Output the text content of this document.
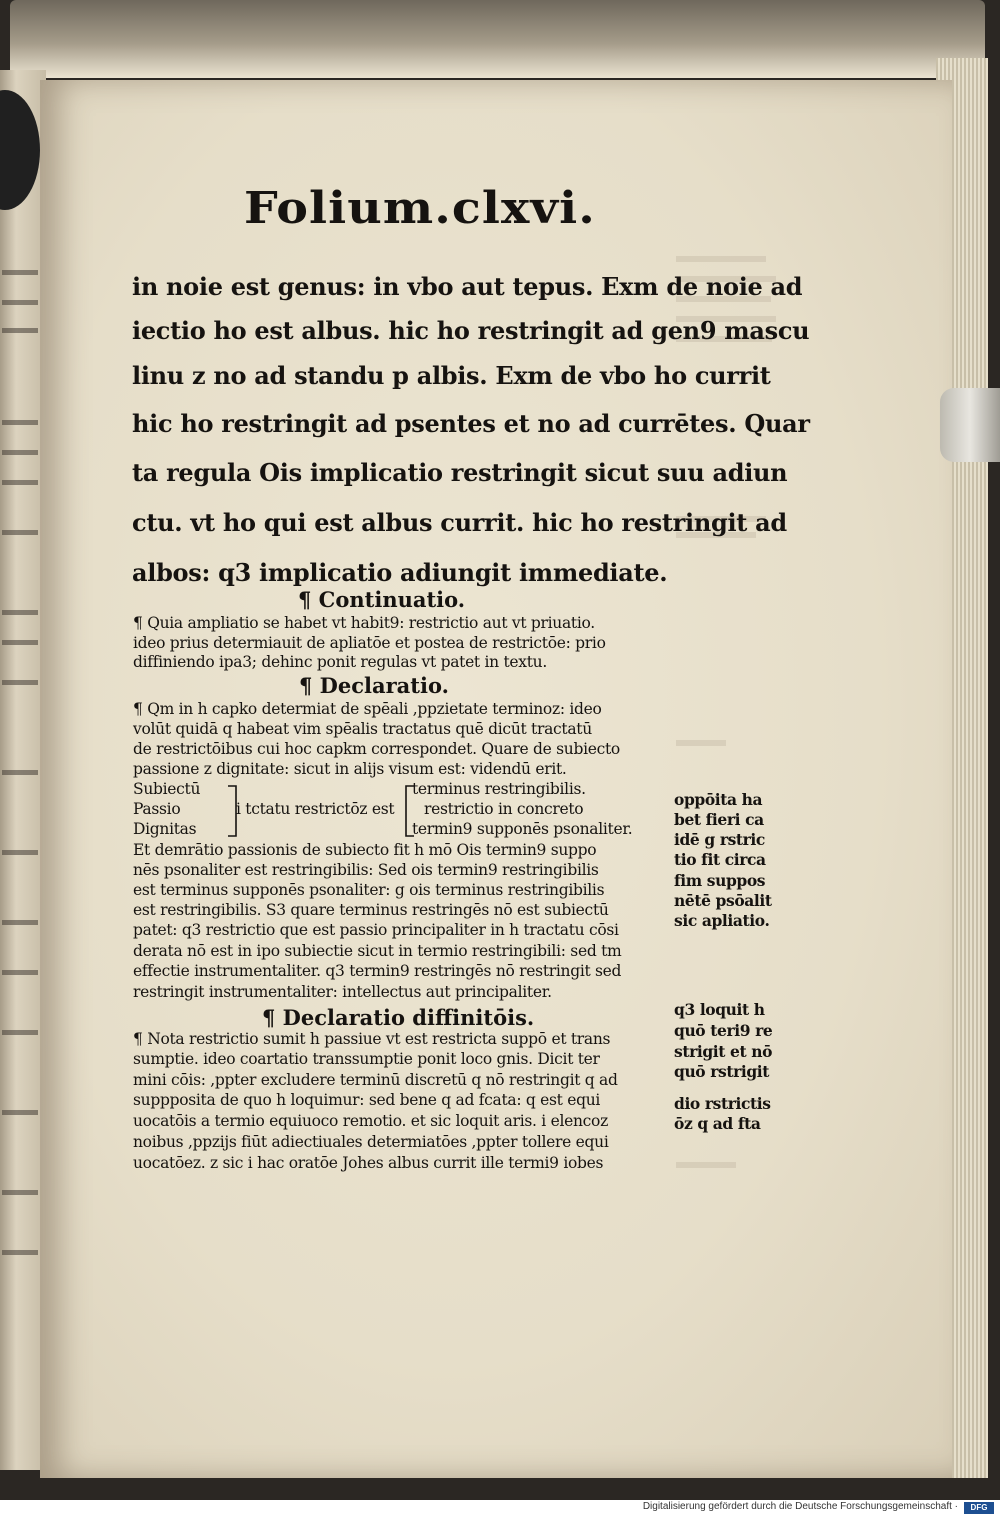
Folium.clxvi.
in noie est genus: in vbo aut tepus. Exm de noie ad
iectio ho est albus. hic ho restringit ad gen9 mascu
linu z no ad standu p albis. Exm de vbo ho currit
hic ho restringit ad psentes et no ad currētes. Quar
ta regula Ois implicatio restringit sicut suu adiun
ctu. vt ho qui est albus currit. hic ho restringit ad
albos: q3 implicatio adiungit immediate.
¶ Continuatio.
¶ Quia ampliatio se habet vt habit9: restrictio aut vt priuatio.
ideo prius determiauit de apliatōe et postea de restrictōe: prio
diffiniendo ipa3; dehinc ponit regulas vt patet in textu.
¶ Declaratio.
¶ Qm in h capko determiat de spēali ,ppzietate terminoz: ideo
volūt quidā q habeat vim spēalis tractatus quē dicūt tractatū
de restrictōibus cui hoc capkm correspondet. Quare de subiecto
passione z dignitate: sicut in alijs visum est: videndū erit.
Subiectū
Passio
Dignitas
i tctatu restrictōz est
terminus restringibilis.
restrictio in concreto
termin9 supponēs psonaliter.
Et demrātio passionis de subiecto fit h mō Ois termin9 suppo
nēs psonaliter est restringibilis: Sed ois termin9 restringibilis
est terminus supponēs psonaliter: g ois terminus restringibilis
est restringibilis. S3 quare terminus restringēs nō est subiectū
patet: q3 restrictio que est passio principaliter in h tractatu cōsi
derata nō est in ipo subiectie sicut in termio restringibili: sed tm
effectie instrumentaliter. q3 termin9 restringēs nō restringit sed
restringit instrumentaliter: intellectus aut principaliter.
¶ Declaratio diffinitōis.
¶ Nota restrictio sumit h passiue vt est restricta suppō et trans
sumptie. ideo coartatio transsumptie ponit loco gnis. Dicit ter
mini cōis: ,ppter excludere terminū discretū q nō restringit q ad
supppositа de quo h loquimur: sed bene q ad fcata: q est equi
uocatōis a termio equiuoco remotio. et sic loquit aris. i elencoz
noibus ,ppzijs fiūt adiectiuales determiatōes ,ppter tollere equi
uocatōez. z sic i hac oratōe Johes albus currit ille termi9 iobes
oppōita ha
bet fieri ca
idē g rstric
tio fit circa
fim suppos
nētē psōalit
sic apliatio.
q3 loquit h
quō teri9 re
strigit et nō
quō rstrigit
dio rstrictis
ōz q ad fta
Digitalisierung gefördert durch die Deutsche Forschungsgemeinschaft ·	DFG
